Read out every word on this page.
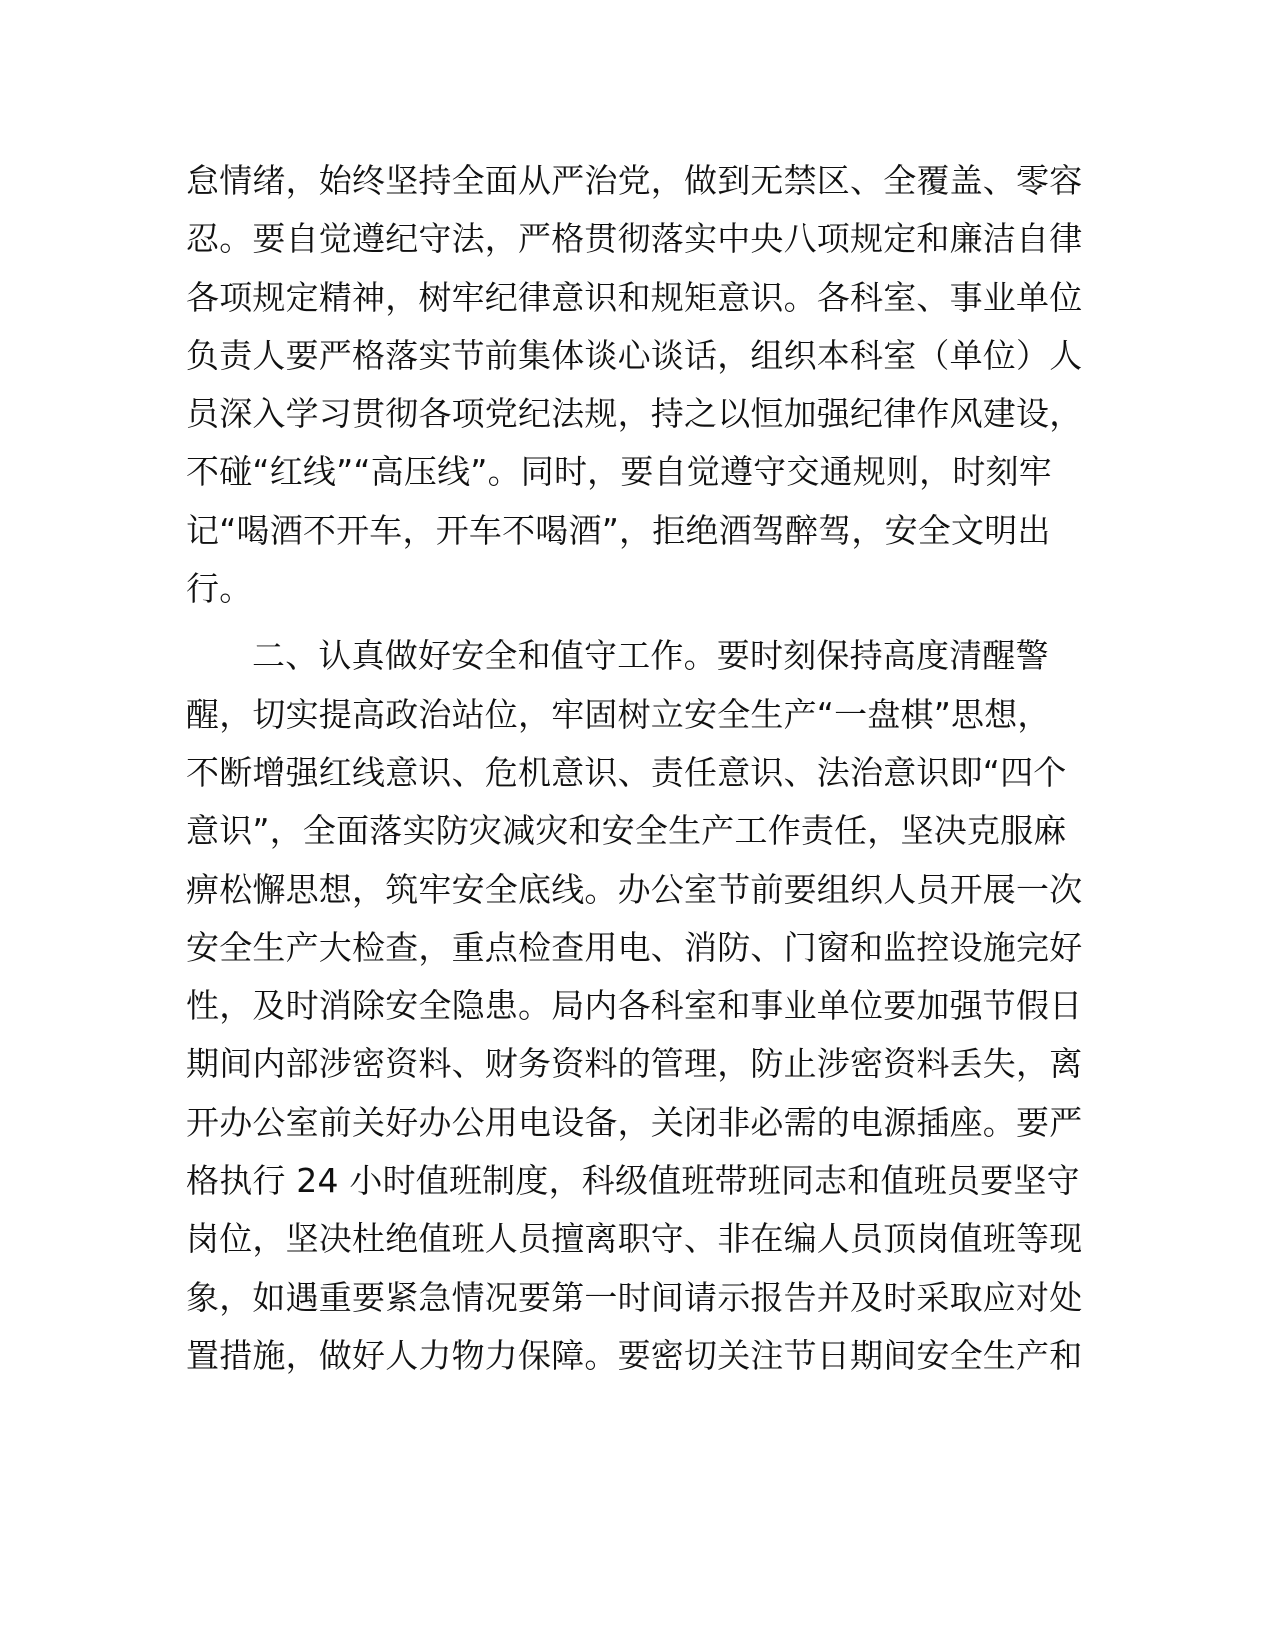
怠情绪，始终坚持全面从严治党，做到无禁区、全覆盖、零容
忍。要自觉遵纪守法，严格贯彻落实中央八项规定和廉洁自律
各项规定精神，树牢纪律意识和规矩意识。各科室、事业单位
负责人要严格落实节前集体谈心谈话，组织本科室（单位）人
员深入学习贯彻各项党纪法规，持之以恒加强纪律作风建设，
不碰“红线”“高压线”。同时，要自觉遵守交通规则，时刻牢
记“喝酒不开车，开车不喝酒”，拒绝酒驾醉驾，安全文明出
行。
二、认真做好安全和值守工作。要时刻保持高度清醒警
醒，切实提高政治站位，牢固树立安全生产“一盘棋”思想，
不断增强红线意识、危机意识、责任意识、法治意识即“四个
意识”，全面落实防灾减灾和安全生产工作责任，坚决克服麻
痹松懈思想，筑牢安全底线。办公室节前要组织人员开展一次
安全生产大检查，重点检查用电、消防、门窗和监控设施完好
性，及时消除安全隐患。局内各科室和事业单位要加强节假日
期间内部涉密资料、财务资料的管理，防止涉密资料丢失，离
开办公室前关好办公用电设备，关闭非必需的电源插座。要严
格执行 24 小时值班制度，科级值班带班同志和值班员要坚守
岗位，坚决杜绝值班人员擅离职守、非在编人员顶岗值班等现
象，如遇重要紧急情况要第一时间请示报告并及时采取应对处
置措施，做好人力物力保障。要密切关注节日期间安全生产和
